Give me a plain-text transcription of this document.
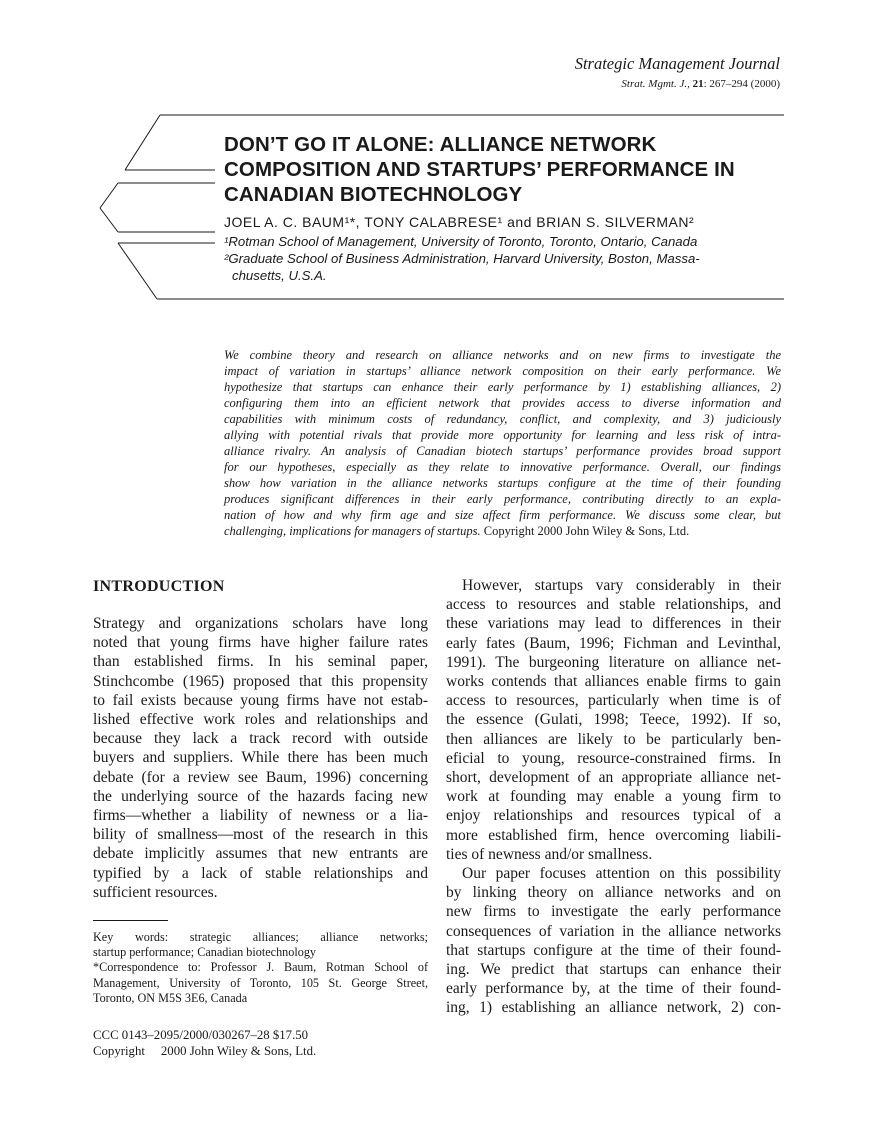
Strategic Management Journal
Strat. Mgmt. J., 21: 267–294 (2000)
DON’T GO IT ALONE: ALLIANCE NETWORK
COMPOSITION AND STARTUPS’ PERFORMANCE IN
CANADIAN BIOTECHNOLOGY
JOEL A. C. BAUM¹*, TONY CALABRESE¹ and BRIAN S. SILVERMAN²
¹Rotman School of Management, University of Toronto, Toronto, Ontario, Canada
²Graduate School of Business Administration, Harvard University, Boston, Massa-
chusetts, U.S.A.
We combine theory and research on alliance networks and on new firms to investigate the
impact of variation in startups’ alliance network composition on their early performance. We
hypothesize that startups can enhance their early performance by 1) establishing alliances, 2)
configuring them into an efficient network that provides access to diverse information and
capabilities with minimum costs of redundancy, conflict, and complexity, and 3) judiciously
allying with potential rivals that provide more opportunity for learning and less risk of intra-
alliance rivalry. An analysis of Canadian biotech startups’ performance provides broad support
for our hypotheses, especially as they relate to innovative performance. Overall, our findings
show how variation in the alliance networks startups configure at the time of their founding
produces significant differences in their early performance, contributing directly to an expla-
nation of how and why firm age and size affect firm performance. We discuss some clear, but
challenging, implications for managers of startups. Copyright 2000 John Wiley & Sons, Ltd.
INTRODUCTION
Strategy and organizations scholars have long
noted that young firms have higher failure rates
than established firms. In his seminal paper,
Stinchcombe (1965) proposed that this propensity
to fail exists because young firms have not estab-
lished effective work roles and relationships and
because they lack a track record with outside
buyers and suppliers. While there has been much
debate (for a review see Baum, 1996) concerning
the underlying source of the hazards facing new
firms—whether a liability of newness or a lia-
bility of smallness—most of the research in this
debate implicitly assumes that new entrants are
typified by a lack of stable relationships and
sufficient resources.
However, startups vary considerably in their
access to resources and stable relationships, and
these variations may lead to differences in their
early fates (Baum, 1996; Fichman and Levinthal,
1991). The burgeoning literature on alliance net-
works contends that alliances enable firms to gain
access to resources, particularly when time is of
the essence (Gulati, 1998; Teece, 1992). If so,
then alliances are likely to be particularly ben-
eficial to young, resource-constrained firms. In
short, development of an appropriate alliance net-
work at founding may enable a young firm to
enjoy relationships and resources typical of a
more established firm, hence overcoming liabili-
ties of newness and/or smallness.
Our paper focuses attention on this possibility
by linking theory on alliance networks and on
new firms to investigate the early performance
consequences of variation in the alliance networks
that startups configure at the time of their found-
ing. We predict that startups can enhance their
early performance by, at the time of their found-
ing, 1) establishing an alliance network, 2) con-
Key words: strategic alliances; alliance networks;
startup performance; Canadian biotechnology
*Correspondence to: Professor J. Baum, Rotman School of
Management, University of Toronto, 105 St. George Street,
Toronto, ON M5S 3E6, Canada
CCC 0143–2095/2000/030267–28 $17.50
Copyright     2000 John Wiley & Sons, Ltd.
